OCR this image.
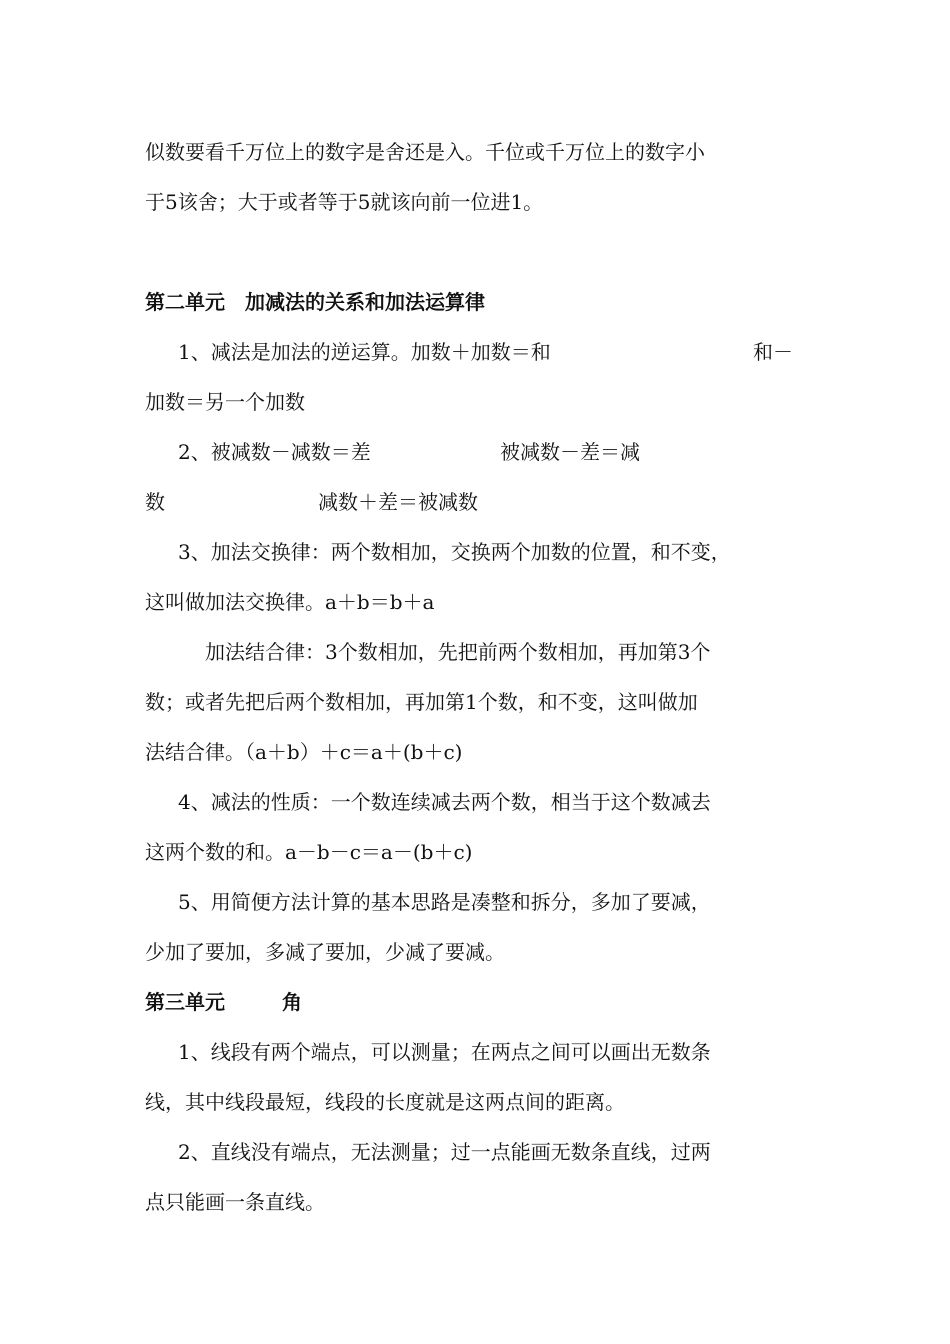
似数要看千万位上的数字是舍还是入。千位或千万位上的数字小
于5该舍；大于或者等于5就该向前一位进1。
第二单元　加减法的关系和加法运算律
1、减法是加法的逆运算。加数＋加数＝和	和－
加数＝另一个加数
2、被减数－减数＝差	被减数－差＝减
数	减数＋差＝被减数
3、加法交换律：两个数相加，交换两个加数的位置，和不变，
这叫做加法交换律。a＋b＝b＋a
加法结合律：3个数相加，先把前两个数相加，再加第3个
数；或者先把后两个数相加，再加第1个数，和不变，这叫做加
法结合律。（a＋b）＋c＝a＋(b＋c)
4、减法的性质：一个数连续减去两个数，相当于这个数减去
这两个数的和。a－b－c＝a－(b＋c)
5、用简便方法计算的基本思路是凑整和拆分，多加了要减，
少加了要加，多减了要加，少减了要减。
第三单元	角
1、线段有两个端点，可以测量；在两点之间可以画出无数条
线，其中线段最短，线段的长度就是这两点间的距离。
2、直线没有端点，无法测量；过一点能画无数条直线，过两
点只能画一条直线。
